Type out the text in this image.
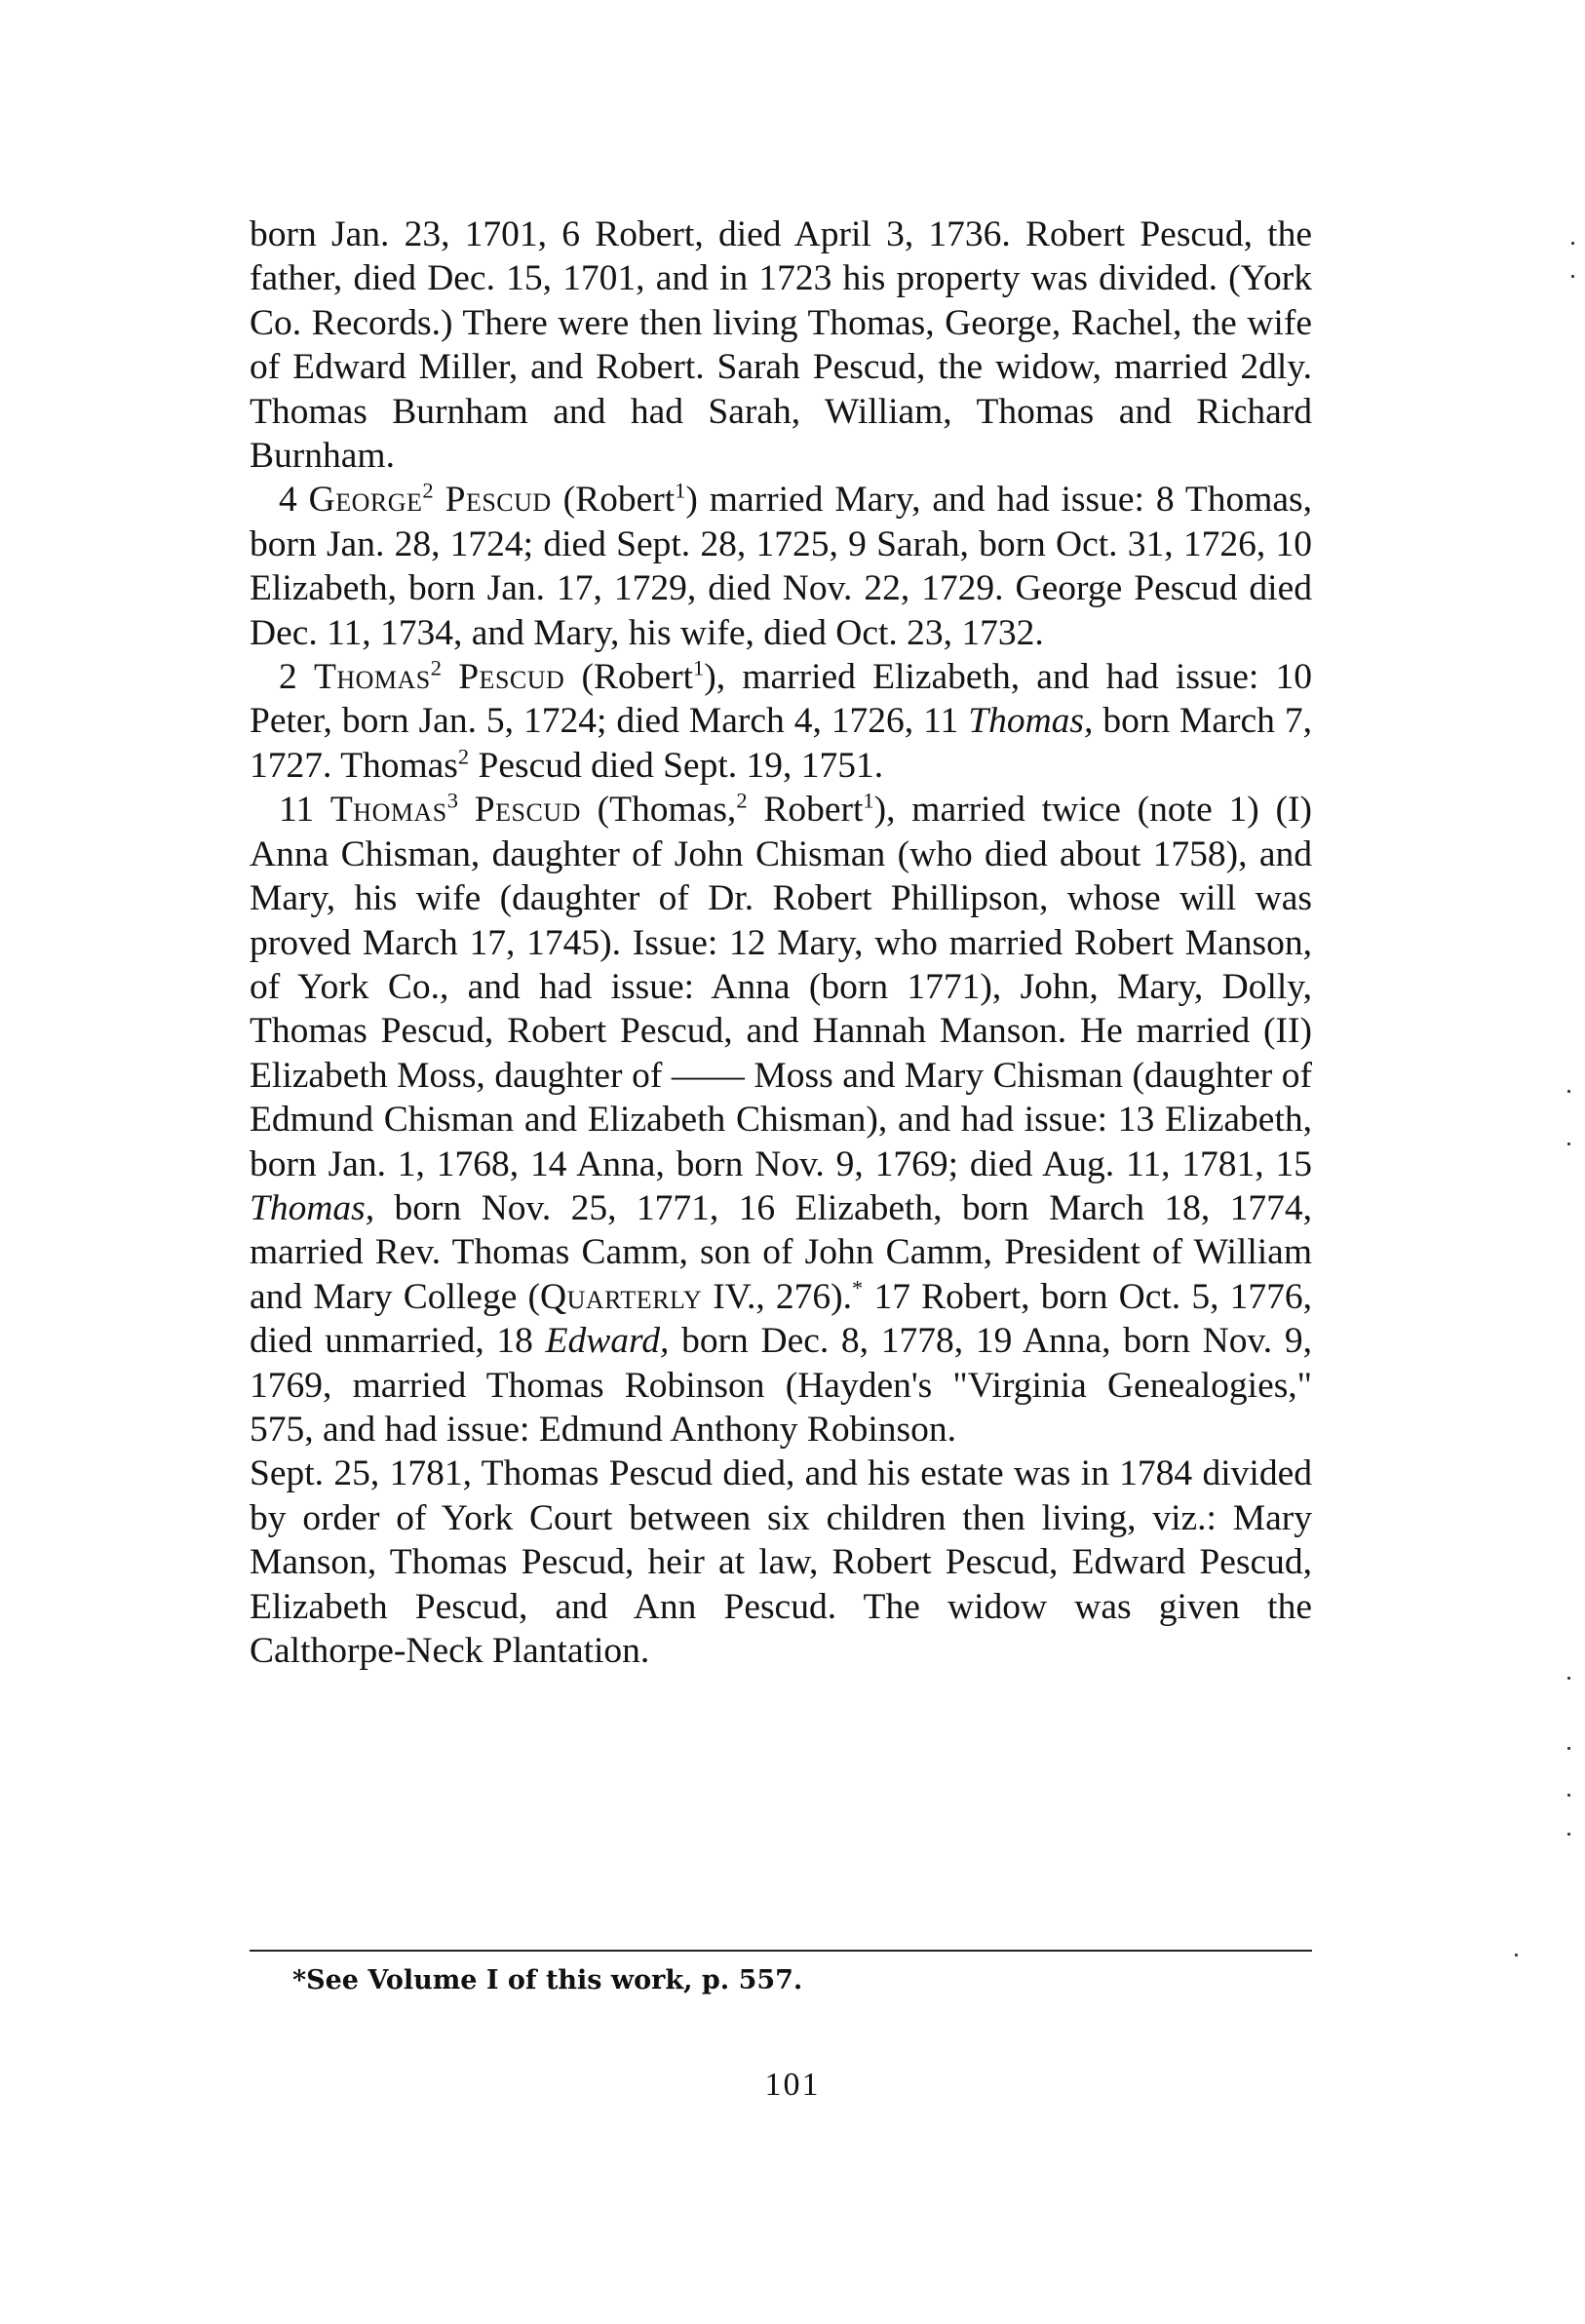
born Jan. 23, 1701, 6 Robert, died April 3, 1736. Robert Pescud, the father, died Dec. 15, 1701, and in 1723 his property was divided. (York Co. Records.) There were then living Thomas, George, Rachel, the wife of Edward Miller, and Robert. Sarah Pescud, the widow, married 2dly. Thomas Burnham and had Sarah, William, Thomas and Richard Burnham.

4 George$^2$ Pescud (Robert$^1$) married Mary, and had issue: 8 Thomas, born Jan. 28, 1724; died Sept. 28, 1725, 9 Sarah, born Oct. 31, 1726, 10 Elizabeth, born Jan. 17, 1729, died Nov. 22, 1729. George Pescud died Dec. 11, 1734, and Mary, his wife, died Oct. 23, 1732.

2 Thomas$^2$ Pescud (Robert$^1$), married Elizabeth, and had issue: 10 Peter, born Jan. 5, 1724; died March 4, 1726, 11 Thomas, born March 7, 1727. Thomas$^2$ Pescud died Sept. 19, 1751.

11 Thomas$^3$ Pescud (Thomas,$^2$ Robert$^1$), married twice (note 1) (I) Anna Chisman, daughter of John Chisman (who died about 1758), and Mary, his wife (daughter of Dr. Robert Phillipson, whose will was proved March 17, 1745). Issue: 12 Mary, who married Robert Manson, of York Co., and had issue: Anna (born 1771), John, Mary, Dolly, Thomas Pescud, Robert Pescud, and Hannah Manson. He married (II) Elizabeth Moss, daughter of —— Moss and Mary Chisman (daughter of Edmund Chisman and Elizabeth Chisman), and had issue: 13 Elizabeth, born Jan. 1, 1768, 14 Anna, born Nov. 9, 1769; died Aug. 11, 1781, 15 Thomas, born Nov. 25, 1771, 16 Elizabeth, born March 18, 1774, married Rev. Thomas Camm, son of John Camm, President of William and Mary College (Quarterly IV., 276).* 17 Robert, born Oct. 5, 1776, died unmarried, 18 Edward, born Dec. 8, 1778, 19 Anna, born Nov. 9, 1769, married Thomas Robinson (Hayden's "Virginia Genealogies," 575, and had issue: Edmund Anthony Robinson.

Sept. 25, 1781, Thomas Pescud died, and his estate was in 1784 divided by order of York Court between six children then living, viz.: Mary Manson, Thomas Pescud, heir at law, Robert Pescud, Edward Pescud, Elizabeth Pescud, and Ann Pescud. The widow was given the Calthorpe-Neck Plantation.

*See Volume I of this work, p. 557.
101
